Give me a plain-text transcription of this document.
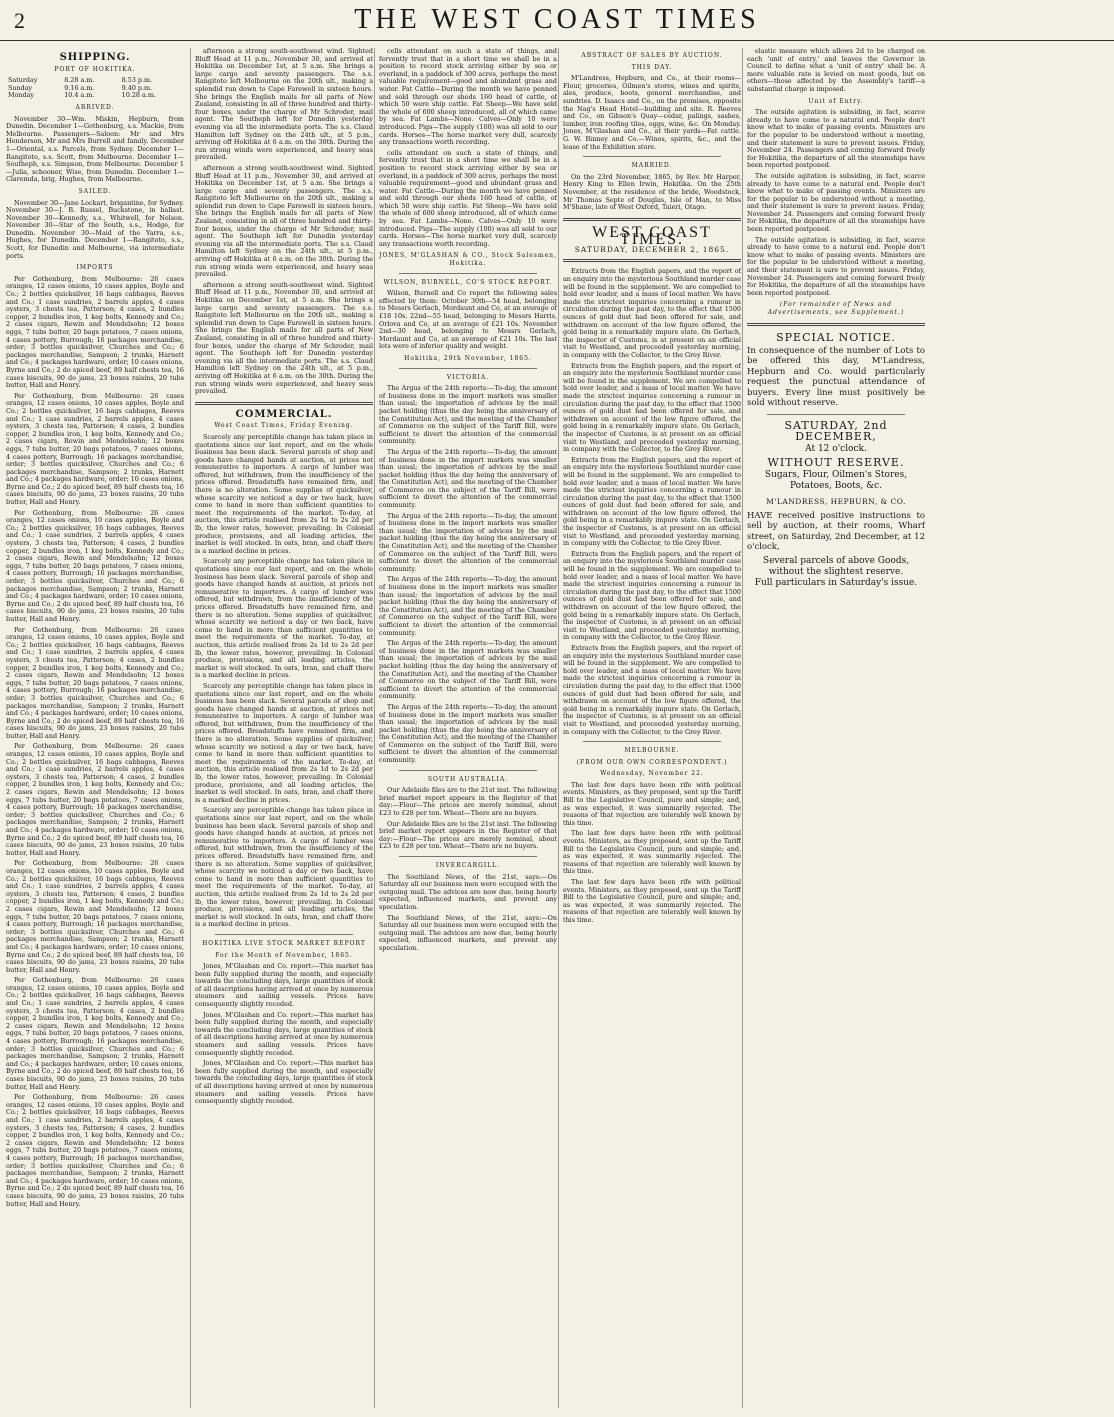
2	THE WEST COAST TIMES
SHIPPING.
PORT OF HOKITIKA.
Saturday	8.28 a.m.	8.53 p.m.
Sunday	9.16 a.m.	9.40 p.m.
Monday	10.4 a.m.	10.28 a.m.
ARRIVED.

November 30—Wm. Miskin, Hepburn, from Dunedin. December 1—Gothenburg, s.s. Mackie, from Melbourne. Passengers—Saloon: Mr and Mrs Henderson, Mr and Mrs Burrell and family. December 1—Oriental, s.s. Parcels, from Sydney. December 1—Rangitoto, s.s. Scott, from Melbourne. December 1—Southeph, s.s. Simpson, from Melbourne. December 1—Julia, schooner, Wise, from Dunedin. December 1—Claremda, brig, Hughes, from Melbourne.

SAILED.

November 30—Jane Lockart, brigantine, for Sydney. November 30—J. B. Russel, Buckstone, in ballast. November 30—Kennedy, s.s., Whitwell, for Nelson. November 30—Star of the South, s.s., Hodge, for Dunedin. November 30—Maid of the Yarra, s.s., Hughes, for Dunedin. December 1—Rangitoto, s.s., Scott, for Dunedin and Melbourne, via intermediate ports.

IMPORTS

Per Gothenburg, from Melbourne: 26 cases oranges, 12 cases onions, 10 cases apples, Boyle and Co.; 2 bottles quicksilver, 16 bags cabbages, Reeves and Co.; 1 case sundries, 2 barrels apples, 4 cases oysters, 3 chests tea, Patterson; 4 cases, 2 bundles copper, 2 bundles iron, 1 keg bolts, Kennedy and Co.; 2 cases cigars, Rewin and Mendelsohn; 12 boxes eggs, 7 tubs butter, 20 bags potatoes, 7 cases onions, 4 cases pottery, Burrough; 16 packages merchandise, order; 3 bottles quicksilver, Churches and Co.; 6 packages merchandise, Sampson; 2 trunks, Harnett and Co.; 4 packages hardware, order; 10 cases onions, Byrne and Co.; 2 do spiced beef, 89 half chests tea, 16 cases biscuits, 90 do jams, 23 boxes raisins, 20 tubs butter, Hall and Henry.

Per Gothenburg, from Melbourne: 26 cases oranges, 12 cases onions, 10 cases apples, Boyle and Co.; 2 bottles quicksilver, 16 bags cabbages, Reeves and Co.; 1 case sundries, 2 barrels apples, 4 cases oysters, 3 chests tea, Patterson; 4 cases, 2 bundles copper, 2 bundles iron, 1 keg bolts, Kennedy and Co.; 2 cases cigars, Rewin and Mendelsohn; 12 boxes eggs, 7 tubs butter, 20 bags potatoes, 7 cases onions, 4 cases pottery, Burrough; 16 packages merchandise, order; 3 bottles quicksilver, Churches and Co.; 6 packages merchandise, Sampson; 2 trunks, Harnett and Co.; 4 packages hardware, order; 10 cases onions, Byrne and Co.; 2 do spiced beef, 89 half chests tea, 16 cases biscuits, 90 do jams, 23 boxes raisins, 20 tubs butter, Hall and Henry.

Per Gothenburg, from Melbourne: 26 cases oranges, 12 cases onions, 10 cases apples, Boyle and Co.; 2 bottles quicksilver, 16 bags cabbages, Reeves and Co.; 1 case sundries, 2 barrels apples, 4 cases oysters, 3 chests tea, Patterson; 4 cases, 2 bundles copper, 2 bundles iron, 1 keg bolts, Kennedy and Co.; 2 cases cigars, Rewin and Mendelsohn; 12 boxes eggs, 7 tubs butter, 20 bags potatoes, 7 cases onions, 4 cases pottery, Burrough; 16 packages merchandise, order; 3 bottles quicksilver, Churches and Co.; 6 packages merchandise, Sampson; 2 trunks, Harnett and Co.; 4 packages hardware, order; 10 cases onions, Byrne and Co.; 2 do spiced beef, 89 half chests tea, 16 cases biscuits, 90 do jams, 23 boxes raisins, 20 tubs butter, Hall and Henry.

Per Gothenburg, from Melbourne: 26 cases oranges, 12 cases onions, 10 cases apples, Boyle and Co.; 2 bottles quicksilver, 16 bags cabbages, Reeves and Co.; 1 case sundries, 2 barrels apples, 4 cases oysters, 3 chests tea, Patterson; 4 cases, 2 bundles copper, 2 bundles iron, 1 keg bolts, Kennedy and Co.; 2 cases cigars, Rewin and Mendelsohn; 12 boxes eggs, 7 tubs butter, 20 bags potatoes, 7 cases onions, 4 cases pottery, Burrough; 16 packages merchandise, order; 3 bottles quicksilver, Churches and Co.; 6 packages merchandise, Sampson; 2 trunks, Harnett and Co.; 4 packages hardware, order; 10 cases onions, Byrne and Co.; 2 do spiced beef, 89 half chests tea, 16 cases biscuits, 90 do jams, 23 boxes raisins, 20 tubs butter, Hall and Henry.

Per Gothenburg, from Melbourne: 26 cases oranges, 12 cases onions, 10 cases apples, Boyle and Co.; 2 bottles quicksilver, 16 bags cabbages, Reeves and Co.; 1 case sundries, 2 barrels apples, 4 cases oysters, 3 chests tea, Patterson; 4 cases, 2 bundles copper, 2 bundles iron, 1 keg bolts, Kennedy and Co.; 2 cases cigars, Rewin and Mendelsohn; 12 boxes eggs, 7 tubs butter, 20 bags potatoes, 7 cases onions, 4 cases pottery, Burrough; 16 packages merchandise, order; 3 bottles quicksilver, Churches and Co.; 6 packages merchandise, Sampson; 2 trunks, Harnett and Co.; 4 packages hardware, order; 10 cases onions, Byrne and Co.; 2 do spiced beef, 89 half chests tea, 16 cases biscuits, 90 do jams, 23 boxes raisins, 20 tubs butter, Hall and Henry.

Per Gothenburg, from Melbourne: 26 cases oranges, 12 cases onions, 10 cases apples, Boyle and Co.; 2 bottles quicksilver, 16 bags cabbages, Reeves and Co.; 1 case sundries, 2 barrels apples, 4 cases oysters, 3 chests tea, Patterson; 4 cases, 2 bundles copper, 2 bundles iron, 1 keg bolts, Kennedy and Co.; 2 cases cigars, Rewin and Mendelsohn; 12 boxes eggs, 7 tubs butter, 20 bags potatoes, 7 cases onions, 4 cases pottery, Burrough; 16 packages merchandise, order; 3 bottles quicksilver, Churches and Co.; 6 packages merchandise, Sampson; 2 trunks, Harnett and Co.; 4 packages hardware, order; 10 cases onions, Byrne and Co.; 2 do spiced beef, 89 half chests tea, 16 cases biscuits, 90 do jams, 23 boxes raisins, 20 tubs butter, Hall and Henry.

Per Gothenburg, from Melbourne: 26 cases oranges, 12 cases onions, 10 cases apples, Boyle and Co.; 2 bottles quicksilver, 16 bags cabbages, Reeves and Co.; 1 case sundries, 2 barrels apples, 4 cases oysters, 3 chests tea, Patterson; 4 cases, 2 bundles copper, 2 bundles iron, 1 keg bolts, Kennedy and Co.; 2 cases cigars, Rewin and Mendelsohn; 12 boxes eggs, 7 tubs butter, 20 bags potatoes, 7 cases onions, 4 cases pottery, Burrough; 16 packages merchandise, order; 3 bottles quicksilver, Churches and Co.; 6 packages merchandise, Sampson; 2 trunks, Harnett and Co.; 4 packages hardware, order; 10 cases onions, Byrne and Co.; 2 do spiced beef, 89 half chests tea, 16 cases biscuits, 90 do jams, 23 boxes raisins, 20 tubs butter, Hall and Henry.

Per Gothenburg, from Melbourne: 26 cases oranges, 12 cases onions, 10 cases apples, Boyle and Co.; 2 bottles quicksilver, 16 bags cabbages, Reeves and Co.; 1 case sundries, 2 barrels apples, 4 cases oysters, 3 chests tea, Patterson; 4 cases, 2 bundles copper, 2 bundles iron, 1 keg bolts, Kennedy and Co.; 2 cases cigars, Rewin and Mendelsohn; 12 boxes eggs, 7 tubs butter, 20 bags potatoes, 7 cases onions, 4 cases pottery, Burrough; 16 packages merchandise, order; 3 bottles quicksilver, Churches and Co.; 6 packages merchandise, Sampson; 2 trunks, Harnett and Co.; 4 packages hardware, order; 10 cases onions, Byrne and Co.; 2 do spiced beef, 89 half chests tea, 16 cases biscuits, 90 do jams, 23 boxes raisins, 20 tubs butter, Hall and Henry.

afternoon a strong south-southwest wind. Sighted Bluff Head at 11 p.m., November 30, and arrived at Hokitika on December 1st, at 5 a.m. She brings a large cargo and seventy passengers. The s.s. Rangitoto left Melbourne on the 20th ult., making a splendid run down to Cape Farewell in sixteen hours. She brings the English mails for all parts of New Zealand, consisting in all of three hundred and thirty-four boxes, under the charge of Mr Schroder, mail agent. The Southeph left for Dunedin yesterday evening via all the intermediate ports. The s.s. Claud Hamilton left Sydney on the 24th ult., at 5 p.m., arriving off Hokitika at 6 a.m. on the 30th. During the run strong winds were experienced, and heavy seas prevailed.

afternoon a strong south-southwest wind. Sighted Bluff Head at 11 p.m., November 30, and arrived at Hokitika on December 1st, at 5 a.m. She brings a large cargo and seventy passengers. The s.s. Rangitoto left Melbourne on the 20th ult., making a splendid run down to Cape Farewell in sixteen hours. She brings the English mails for all parts of New Zealand, consisting in all of three hundred and thirty-four boxes, under the charge of Mr Schroder, mail agent. The Southeph left for Dunedin yesterday evening via all the intermediate ports. The s.s. Claud Hamilton left Sydney on the 24th ult., at 5 p.m., arriving off Hokitika at 6 a.m. on the 30th. During the run strong winds were experienced, and heavy seas prevailed.

afternoon a strong south-southwest wind. Sighted Bluff Head at 11 p.m., November 30, and arrived at Hokitika on December 1st, at 5 a.m. She brings a large cargo and seventy passengers. The s.s. Rangitoto left Melbourne on the 20th ult., making a splendid run down to Cape Farewell in sixteen hours. She brings the English mails for all parts of New Zealand, consisting in all of three hundred and thirty-four boxes, under the charge of Mr Schroder, mail agent. The Southeph left for Dunedin yesterday evening via all the intermediate ports. The s.s. Claud Hamilton left Sydney on the 24th ult., at 5 p.m., arriving off Hokitika at 6 a.m. on the 30th. During the run strong winds were experienced, and heavy seas prevailed.

COMMERCIAL.
West Coast Times, Friday Evening.

Scarcely any perceptible change has taken place in quotations since our last report, and on the whole business has been slack. Several parcels of shop and goods have changed hands at auction, at prices not remunerative to importers. A cargo of lumber was offered, but withdrawn, from the insufficiency of the prices offered. Breadstuffs have remained firm, and there is no alteration. Some supplies of quicksilver, whose scarcity we noticed a day or two back, have come to hand in more than sufficient quantities to meet the requirements of the market. To-day, at auction, this article realised from 2s 1d to 2s 2d per lb, the lower rates, however, prevailing. In Colonial produce, provisions, and all leading articles, the market is well stocked. In oats, bran, and chaff there is a marked decline in prices.

Scarcely any perceptible change has taken place in quotations since our last report, and on the whole business has been slack. Several parcels of shop and goods have changed hands at auction, at prices not remunerative to importers. A cargo of lumber was offered, but withdrawn, from the insufficiency of the prices offered. Breadstuffs have remained firm, and there is no alteration. Some supplies of quicksilver, whose scarcity we noticed a day or two back, have come to hand in more than sufficient quantities to meet the requirements of the market. To-day, at auction, this article realised from 2s 1d to 2s 2d per lb, the lower rates, however, prevailing. In Colonial produce, provisions, and all leading articles, the market is well stocked. In oats, bran, and chaff there is a marked decline in prices.

Scarcely any perceptible change has taken place in quotations since our last report, and on the whole business has been slack. Several parcels of shop and goods have changed hands at auction, at prices not remunerative to importers. A cargo of lumber was offered, but withdrawn, from the insufficiency of the prices offered. Breadstuffs have remained firm, and there is no alteration. Some supplies of quicksilver, whose scarcity we noticed a day or two back, have come to hand in more than sufficient quantities to meet the requirements of the market. To-day, at auction, this article realised from 2s 1d to 2s 2d per lb, the lower rates, however, prevailing. In Colonial produce, provisions, and all leading articles, the market is well stocked. In oats, bran, and chaff there is a marked decline in prices.

Scarcely any perceptible change has taken place in quotations since our last report, and on the whole business has been slack. Several parcels of shop and goods have changed hands at auction, at prices not remunerative to importers. A cargo of lumber was offered, but withdrawn, from the insufficiency of the prices offered. Breadstuffs have remained firm, and there is no alteration. Some supplies of quicksilver, whose scarcity we noticed a day or two back, have come to hand in more than sufficient quantities to meet the requirements of the market. To-day, at auction, this article realised from 2s 1d to 2s 2d per lb, the lower rates, however, prevailing. In Colonial produce, provisions, and all leading articles, the market is well stocked. In oats, bran, and chaff there is a marked decline in prices.

HOKITIKA LIVE STOCK MARKET REPORT
For the Month of November, 1865.

Jones, M'Glashan and Co. report:—This market has been fully supplied during the month, and especially towards the concluding days, large quantities of stock of all descriptions having arrived at once by numerous steamers and sailing vessels. Prices have consequently slightly receded.

Jones, M'Glashan and Co. report:—This market has been fully supplied during the month, and especially towards the concluding days, large quantities of stock of all descriptions having arrived at once by numerous steamers and sailing vessels. Prices have consequently slightly receded.

Jones, M'Glashan and Co. report:—This market has been fully supplied during the month, and especially towards the concluding days, large quantities of stock of all descriptions having arrived at once by numerous steamers and sailing vessels. Prices have consequently slightly receded.

cells attendant on such a state of things, and fervently trust that in a short time we shall be in a position to record stock arriving either by sea or overland, in a paddock of 300 acres, perhaps the most valuable requirement—good and abundant grass and water. Fat Cattle—During the month we have penned and sold through our sheds 160 head of cattle, of which 50 were ship cattle. Fat Sheep—We have sold the whole of 600 sheep introduced, all of which came by sea. Fat Lambs—None. Calves—Only 10 were introduced. Pigs—The supply (100) was all sold to our cards. Horses—The horse market very dull, scarcely any transactions worth recording.

cells attendant on such a state of things, and fervently trust that in a short time we shall be in a position to record stock arriving either by sea or overland, in a paddock of 300 acres, perhaps the most valuable requirement—good and abundant grass and water. Fat Cattle—During the month we have penned and sold through our sheds 160 head of cattle, of which 50 were ship cattle. Fat Sheep—We have sold the whole of 600 sheep introduced, all of which came by sea. Fat Lambs—None. Calves—Only 10 were introduced. Pigs—The supply (100) was all sold to our cards. Horses—The horse market very dull, scarcely any transactions worth recording.

JONES, M'GLASHAN & CO., Stock Salesmen, Hokitika.
WILSON, BURNELL, CO'S STOCK REPORT.

Wilson, Burnell and Co report the following sales effected by them: October 30th—54 head, belonging to Messrs Gerlach, Mordaunt and Co, at an average of £18 10s. 22nd—55 head, belonging to Messrs Harris, Orlova and Co, at an average of £21 10s. November 2nd—30 head, belonging to Messrs Gerlach, Mordaunt and Co, at an average of £21 10s. The last lots were of inferior quality and weight.

Hokitika, 29th November, 1865.
VICTORIA.

The Argus of the 24th reports:—To-day, the amount of business done in the import markets was smaller than usual; the importation of advices by the mail packet holding (thus the day being the anniversary of the Constitution Act), and the meeting of the Chamber of Commerce on the subject of the Tariff Bill, were sufficient to divert the attention of the commercial community.

The Argus of the 24th reports:—To-day, the amount of business done in the import markets was smaller than usual; the importation of advices by the mail packet holding (thus the day being the anniversary of the Constitution Act), and the meeting of the Chamber of Commerce on the subject of the Tariff Bill, were sufficient to divert the attention of the commercial community.

The Argus of the 24th reports:—To-day, the amount of business done in the import markets was smaller than usual; the importation of advices by the mail packet holding (thus the day being the anniversary of the Constitution Act), and the meeting of the Chamber of Commerce on the subject of the Tariff Bill, were sufficient to divert the attention of the commercial community.

The Argus of the 24th reports:—To-day, the amount of business done in the import markets was smaller than usual; the importation of advices by the mail packet holding (thus the day being the anniversary of the Constitution Act), and the meeting of the Chamber of Commerce on the subject of the Tariff Bill, were sufficient to divert the attention of the commercial community.

The Argus of the 24th reports:—To-day, the amount of business done in the import markets was smaller than usual; the importation of advices by the mail packet holding (thus the day being the anniversary of the Constitution Act), and the meeting of the Chamber of Commerce on the subject of the Tariff Bill, were sufficient to divert the attention of the commercial community.

The Argus of the 24th reports:—To-day, the amount of business done in the import markets was smaller than usual; the importation of advices by the mail packet holding (thus the day being the anniversary of the Constitution Act), and the meeting of the Chamber of Commerce on the subject of the Tariff Bill, were sufficient to divert the attention of the commercial community.

SOUTH AUSTRALIA.

Our Adelaide files are to the 21st inst. The following brief market report appears in the Register of that day:—Flour—The prices are merely nominal, about £23 to £28 per ton. Wheat—There are no buyers.

Our Adelaide files are to the 21st inst. The following brief market report appears in the Register of that day:—Flour—The prices are merely nominal, about £23 to £28 per ton. Wheat—There are no buyers.

INVERCARGILL.

The Southland News, of the 21st, says:—On Saturday all our business men were occupied with the outgoing mail. The advices are now due, being hourly expected, influenced markets, and prevent any speculation.

The Southland News, of the 21st, says:—On Saturday all our business men were occupied with the outgoing mail. The advices are now due, being hourly expected, influenced markets, and prevent any speculation.

ABSTRACT OF SALES BY AUCTION.
THIS DAY.

M'Landress, Hepburn, and Co., at their rooms—Flour, groceries, Oilmen's stores, wines and spirits, ales, produce, boots, general merchandise, and sundries. D. Isaacs and Co., on the premises, opposite the Nag's Head Hotel—building and site. R. Reeves and Co., on Gibson's Quay—cedar, palings, sashes, lumber, iron roofing tiles, eggs, wine, &c. On Monday. Jones, M'Glashan and Co., at their yards—Fat cattle. G. W. Binney and Co.—Wines, spirits, &c., and the lease of the Exhibition store.

MARRIED.

On the 23rd November, 1865, by Rev. Mr Harper, Henry King to Ellen Irwin, Hokitika. On the 25th November, at the residence of the bride, Woodstock, Mr Thomas Septe of Douglas, Isle of Man, to Miss M'Shane, late of West Oxford, Taieri, Otago.

WEST COAST TIMES.
SATURDAY, DECEMBER 2, 1865.

Extracts from the English papers, and the report of an enquiry into the mysterious Southland murder case will be found in the supplement. We are compelled to hold over leader, and a mass of local matter. We have made the strictest inquiries concerning a rumour in circulation during the past day, to the effect that 1500 ounces of gold dust had been offered for sale, and withdrawn on account of the low figure offered, the gold being in a remarkably impure state. On Gerlach, the inspector of Customs, is at present on an official visit to Westland, and proceeded yesterday morning, in company with the Collector, to the Grey River.

Extracts from the English papers, and the report of an enquiry into the mysterious Southland murder case will be found in the supplement. We are compelled to hold over leader, and a mass of local matter. We have made the strictest inquiries concerning a rumour in circulation during the past day, to the effect that 1500 ounces of gold dust had been offered for sale, and withdrawn on account of the low figure offered, the gold being in a remarkably impure state. On Gerlach, the inspector of Customs, is at present on an official visit to Westland, and proceeded yesterday morning, in company with the Collector, to the Grey River.

Extracts from the English papers, and the report of an enquiry into the mysterious Southland murder case will be found in the supplement. We are compelled to hold over leader, and a mass of local matter. We have made the strictest inquiries concerning a rumour in circulation during the past day, to the effect that 1500 ounces of gold dust had been offered for sale, and withdrawn on account of the low figure offered, the gold being in a remarkably impure state. On Gerlach, the inspector of Customs, is at present on an official visit to Westland, and proceeded yesterday morning, in company with the Collector, to the Grey River.

Extracts from the English papers, and the report of an enquiry into the mysterious Southland murder case will be found in the supplement. We are compelled to hold over leader, and a mass of local matter. We have made the strictest inquiries concerning a rumour in circulation during the past day, to the effect that 1500 ounces of gold dust had been offered for sale, and withdrawn on account of the low figure offered, the gold being in a remarkably impure state. On Gerlach, the inspector of Customs, is at present on an official visit to Westland, and proceeded yesterday morning, in company with the Collector, to the Grey River.

Extracts from the English papers, and the report of an enquiry into the mysterious Southland murder case will be found in the supplement. We are compelled to hold over leader, and a mass of local matter. We have made the strictest inquiries concerning a rumour in circulation during the past day, to the effect that 1500 ounces of gold dust had been offered for sale, and withdrawn on account of the low figure offered, the gold being in a remarkably impure state. On Gerlach, the inspector of Customs, is at present on an official visit to Westland, and proceeded yesterday morning, in company with the Collector, to the Grey River.

MELBOURNE.
(FROM OUR OWN CORRESPONDENT.)
Wednesday, November 22.

The last few days have been rife with political events. Ministers, as they proposed, sent up the Tariff Bill to the Legislative Council, pure and simple; and, as was expected, it was summarily rejected. The reasons of that rejection are tolerably well known by this time.

The last few days have been rife with political events. Ministers, as they proposed, sent up the Tariff Bill to the Legislative Council, pure and simple; and, as was expected, it was summarily rejected. The reasons of that rejection are tolerably well known by this time.

The last few days have been rife with political events. Ministers, as they proposed, sent up the Tariff Bill to the Legislative Council, pure and simple; and, as was expected, it was summarily rejected. The reasons of that rejection are tolerably well known by this time.

elastic measure which allows 2d to be charged on each 'unit of entry,' and leaves the Governor in Council to define what a 'unit of entry' shall be. A more valuable rate is levied on most goods, but on others—those affected by the Assembly's tariff—a substantial charge is imposed.

Unit of Entry.

The outside agitation is subsiding, in fact, scarce already to have come to a natural end. People don't know what to make of passing events. Ministers are for the popular to be understood without a meeting, and their statement is sure to prevent issues. Friday, November 24. Passengers and coming forward freely for Hokitika, the departure of all the steamships have been reported postponed.

The outside agitation is subsiding, in fact, scarce already to have come to a natural end. People don't know what to make of passing events. Ministers are for the popular to be understood without a meeting, and their statement is sure to prevent issues. Friday, November 24. Passengers and coming forward freely for Hokitika, the departure of all the steamships have been reported postponed.

The outside agitation is subsiding, in fact, scarce already to have come to a natural end. People don't know what to make of passing events. Ministers are for the popular to be understood without a meeting, and their statement is sure to prevent issues. Friday, November 24. Passengers and coming forward freely for Hokitika, the departure of all the steamships have been reported postponed.

(For remainder of News and Advertisements, see Supplement.)
SPECIAL NOTICE.
In consequence of the number of Lots to be offered this day, M'Landress, Hepburn and Co. would particularly request the punctual attendance of buyers. Every line must positively be sold without reserve.
SATURDAY, 2nd DECEMBER,
At 12 o'clock.
WITHOUT RESERVE.
Sugars, Flour, Oilmen's Stores, Potatoes, Boots, &c.
M'LANDRESS, HEPBURN, & CO.
HAVE received positive instructions to sell by auction, at their rooms, Wharf street, on Saturday, 2nd December, at 12 o'clock,
Several parcels of above Goods, without the slightest reserve.
Full particulars in Saturday's issue.
